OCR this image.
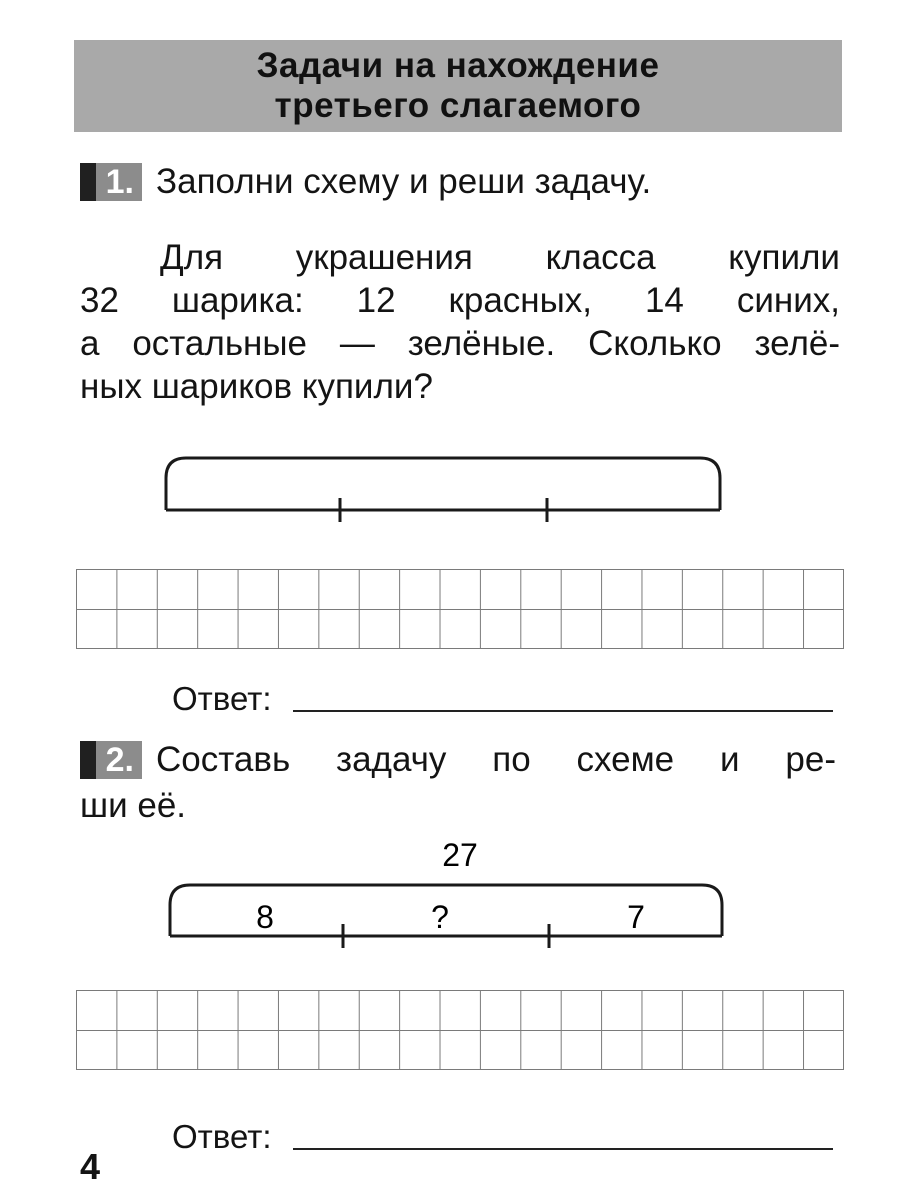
Задачи на нахождение
третьего слагаемого
1. Заполни схему и реши задачу.
Для украшения класса купили
32 шарика: 12 красных, 14 синих,
а остальные — зелёные. Сколько зелё-
ных шариков купили?
27
8	?	7
Ответ:
2. Составь задачу по схеме и ре-
ши её.
Ответ:
4
